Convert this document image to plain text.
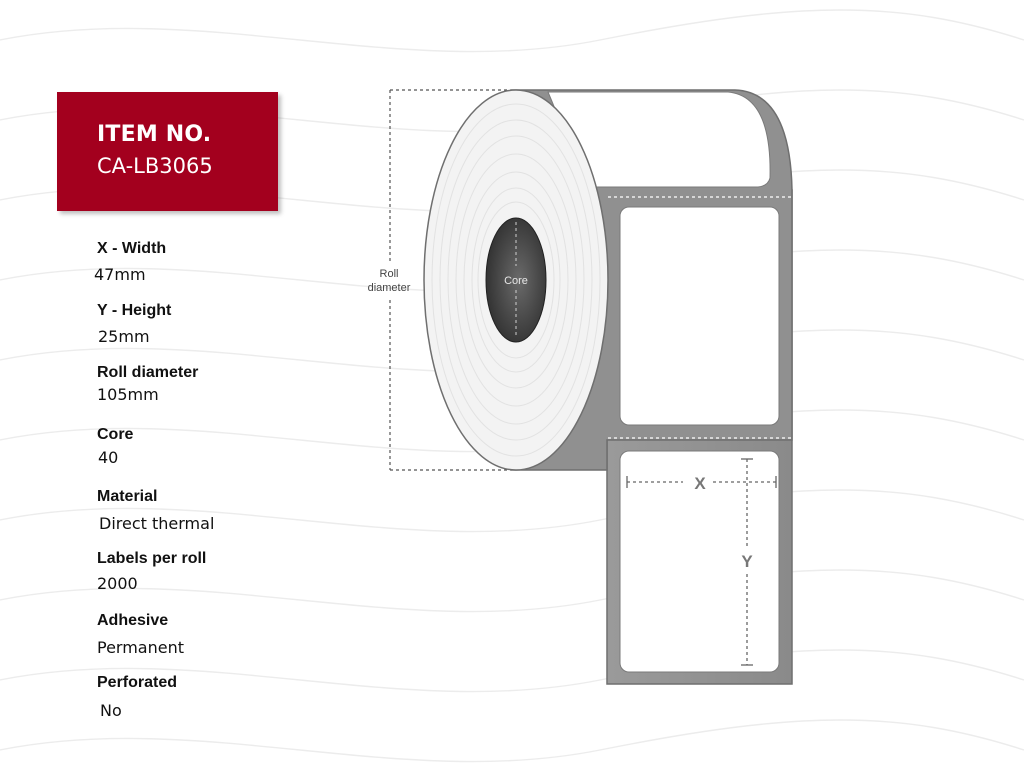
ITEM NO.
CA-LB3065
X - Width
47mm
Y - Height
25mm
Roll diameter
105mm
Core
40
Material
Direct thermal
Labels per roll
2000
Adhesive
Permanent
Perforated
No
Roll
diameter
Core
X
Y
